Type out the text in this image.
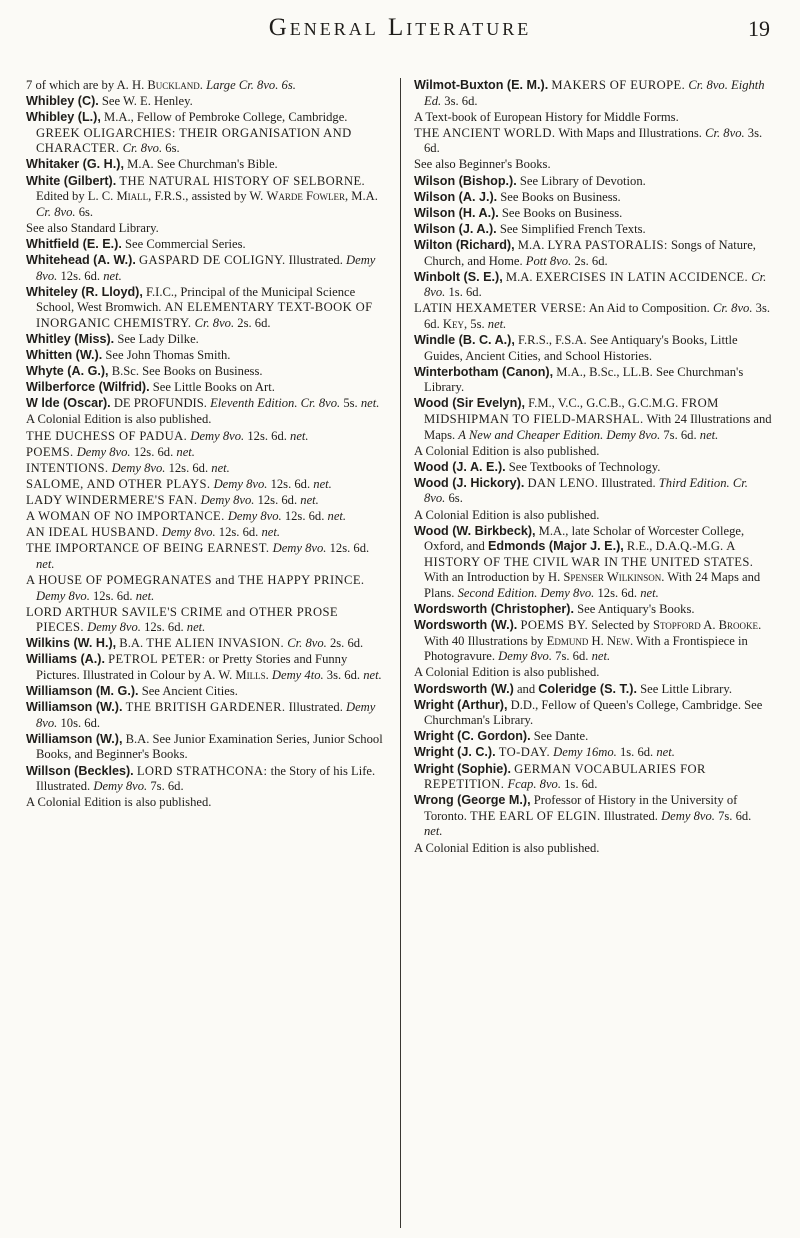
General Literature	19

7 of which are by A. H. Buckland. Large Cr. 8vo. 6s.

Whibley (C). See W. E. Henley.

Whibley (L.), M.A., Fellow of Pembroke College, Cambridge. GREEK OLIGARCHIES: THEIR ORGANISATION AND CHARACTER. Cr. 8vo. 6s.

Whitaker (G. H.), M.A. See Churchman's Bible.

White (Gilbert). THE NATURAL HISTORY OF SELBORNE. Edited by L. C. Miall, F.R.S., assisted by W. Warde Fowler, M.A. Cr. 8vo. 6s.

See also Standard Library.

Whitfield (E. E.). See Commercial Series.

Whitehead (A. W.). GASPARD DE COLIGNY. Illustrated. Demy 8vo. 12s. 6d. net.

Whiteley (R. Lloyd), F.I.C., Principal of the Municipal Science School, West Bromwich. AN ELEMENTARY TEXT-BOOK OF INORGANIC CHEMISTRY. Cr. 8vo. 2s. 6d.

Whitley (Miss). See Lady Dilke.

Whitten (W.). See John Thomas Smith.

Whyte (A. G.), B.Sc. See Books on Business.

Wilberforce (Wilfrid). See Little Books on Art.

W lde (Oscar). DE PROFUNDIS. Eleventh Edition. Cr. 8vo. 5s. net.

A Colonial Edition is also published.

THE DUCHESS OF PADUA. Demy 8vo. 12s. 6d. net.

POEMS. Demy 8vo. 12s. 6d. net.

INTENTIONS. Demy 8vo. 12s. 6d. net.

SALOME, AND OTHER PLAYS. Demy 8vo. 12s. 6d. net.

LADY WINDERMERE'S FAN. Demy 8vo. 12s. 6d. net.

A WOMAN OF NO IMPORTANCE. Demy 8vo. 12s. 6d. net.

AN IDEAL HUSBAND. Demy 8vo. 12s. 6d. net.

THE IMPORTANCE OF BEING EARNEST. Demy 8vo. 12s. 6d. net.

A HOUSE OF POMEGRANATES and THE HAPPY PRINCE. Demy 8vo. 12s. 6d. net.

LORD ARTHUR SAVILE'S CRIME and OTHER PROSE PIECES. Demy 8vo. 12s. 6d. net.

Wilkins (W. H.), B.A. THE ALIEN INVASION. Cr. 8vo. 2s. 6d.

Williams (A.). PETROL PETER: or Pretty Stories and Funny Pictures. Illustrated in Colour by A. W. Mills. Demy 4to. 3s. 6d. net.

Williamson (M. G.). See Ancient Cities.

Williamson (W.). THE BRITISH GARDENER. Illustrated. Demy 8vo. 10s. 6d.

Williamson (W.), B.A. See Junior Examination Series, Junior School Books, and Beginner's Books.

Willson (Beckles). LORD STRATHCONA: the Story of his Life. Illustrated. Demy 8vo. 7s. 6d.

A Colonial Edition is also published.

Wilmot-Buxton (E. M.). MAKERS OF EUROPE. Cr. 8vo. Eighth Ed. 3s. 6d.

A Text-book of European History for Middle Forms.

THE ANCIENT WORLD. With Maps and Illustrations. Cr. 8vo. 3s. 6d.

See also Beginner's Books.

Wilson (Bishop.). See Library of Devotion.

Wilson (A. J.). See Books on Business.

Wilson (H. A.). See Books on Business.

Wilson (J. A.). See Simplified French Texts.

Wilton (Richard), M.A. LYRA PASTORALIS: Songs of Nature, Church, and Home. Pott 8vo. 2s. 6d.

Winbolt (S. E.), M.A. EXERCISES IN LATIN ACCIDENCE. Cr. 8vo. 1s. 6d.

LATIN HEXAMETER VERSE: An Aid to Composition. Cr. 8vo. 3s. 6d. Key, 5s. net.

Windle (B. C. A.), F.R.S., F.S.A. See Antiquary's Books, Little Guides, Ancient Cities, and School Histories.

Winterbotham (Canon), M.A., B.Sc., LL.B. See Churchman's Library.

Wood (Sir Evelyn), F.M., V.C., G.C.B., G.C.M.G. FROM MIDSHIPMAN TO FIELD-MARSHAL. With 24 Illustrations and Maps. A New and Cheaper Edition. Demy 8vo. 7s. 6d. net.

A Colonial Edition is also published.

Wood (J. A. E.). See Textbooks of Technology.

Wood (J. Hickory). DAN LENO. Illustrated. Third Edition. Cr. 8vo. 6s.

A Colonial Edition is also published.

Wood (W. Birkbeck), M.A., late Scholar of Worcester College, Oxford, and Edmonds (Major J. E.), R.E., D.A.Q.-M.G. A HISTORY OF THE CIVIL WAR IN THE UNITED STATES. With an Introduction by H. Spenser Wilkinson. With 24 Maps and Plans. Second Edition. Demy 8vo. 12s. 6d. net.

Wordsworth (Christopher). See Antiquary's Books.

Wordsworth (W.). POEMS BY. Selected by Stopford A. Brooke. With 40 Illustrations by Edmund H. New. With a Frontispiece in Photogravure. Demy 8vo. 7s. 6d. net.

A Colonial Edition is also published.

Wordsworth (W.) and Coleridge (S. T.). See Little Library.

Wright (Arthur), D.D., Fellow of Queen's College, Cambridge. See Churchman's Library.

Wright (C. Gordon). See Dante.

Wright (J. C.). TO-DAY. Demy 16mo. 1s. 6d. net.

Wright (Sophie). GERMAN VOCABULARIES FOR REPETITION. Fcap. 8vo. 1s. 6d.

Wrong (George M.), Professor of History in the University of Toronto. THE EARL OF ELGIN. Illustrated. Demy 8vo. 7s. 6d. net.

A Colonial Edition is also published.
